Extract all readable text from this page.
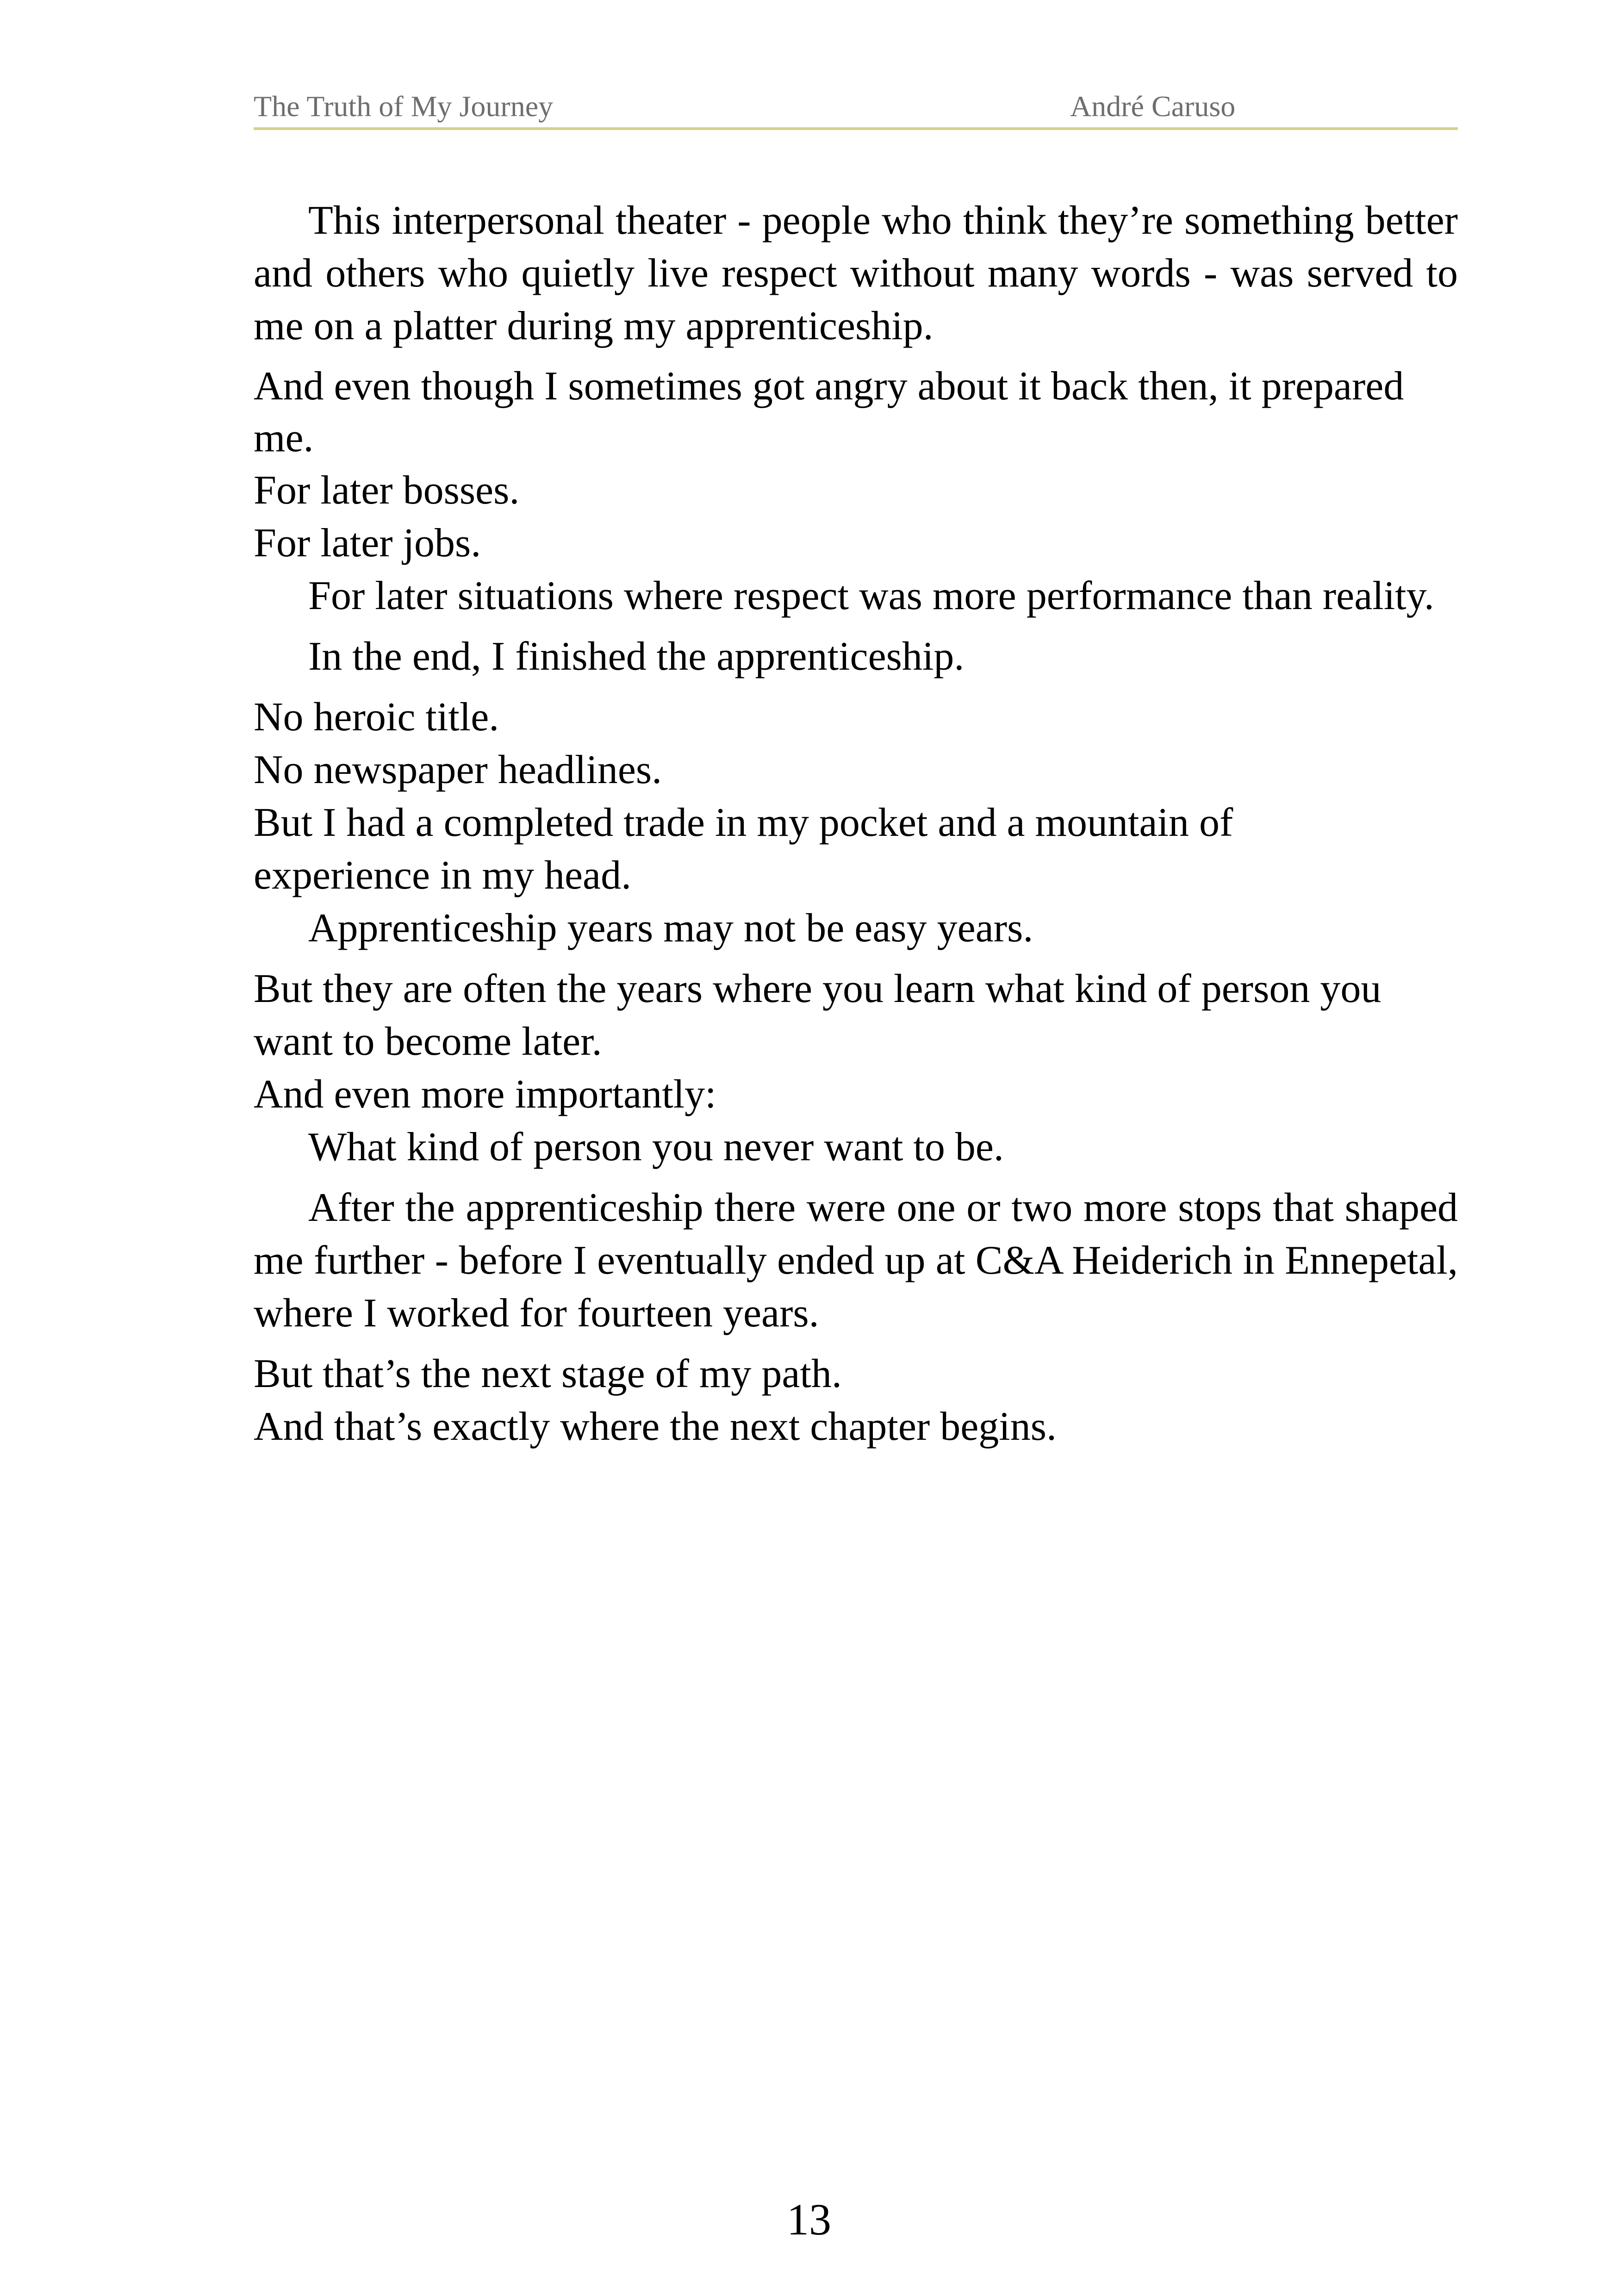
The Truth of My Journey	André Caruso

This interpersonal theater - people who think they’re something better and others who quietly live respect without many words - was served to me on a platter during my apprenticeship.

And even though I sometimes got angry about it back then, it prepared me.

For later bosses.

For later jobs.

For later situations where respect was more performance than reality.

In the end, I finished the apprenticeship.

No heroic title.

No newspaper headlines.

But I had a completed trade in my pocket and a mountain of experience in my head.

Apprenticeship years may not be easy years.

But they are often the years where you learn what kind of person you want to become later.

And even more importantly:

What kind of person you never want to be.

After the apprenticeship there were one or two more stops that shaped me further - before I eventually ended up at C&A Heiderich in Ennepetal, where I worked for fourteen years.

But that’s the next stage of my path.

And that’s exactly where the next chapter begins.

13
